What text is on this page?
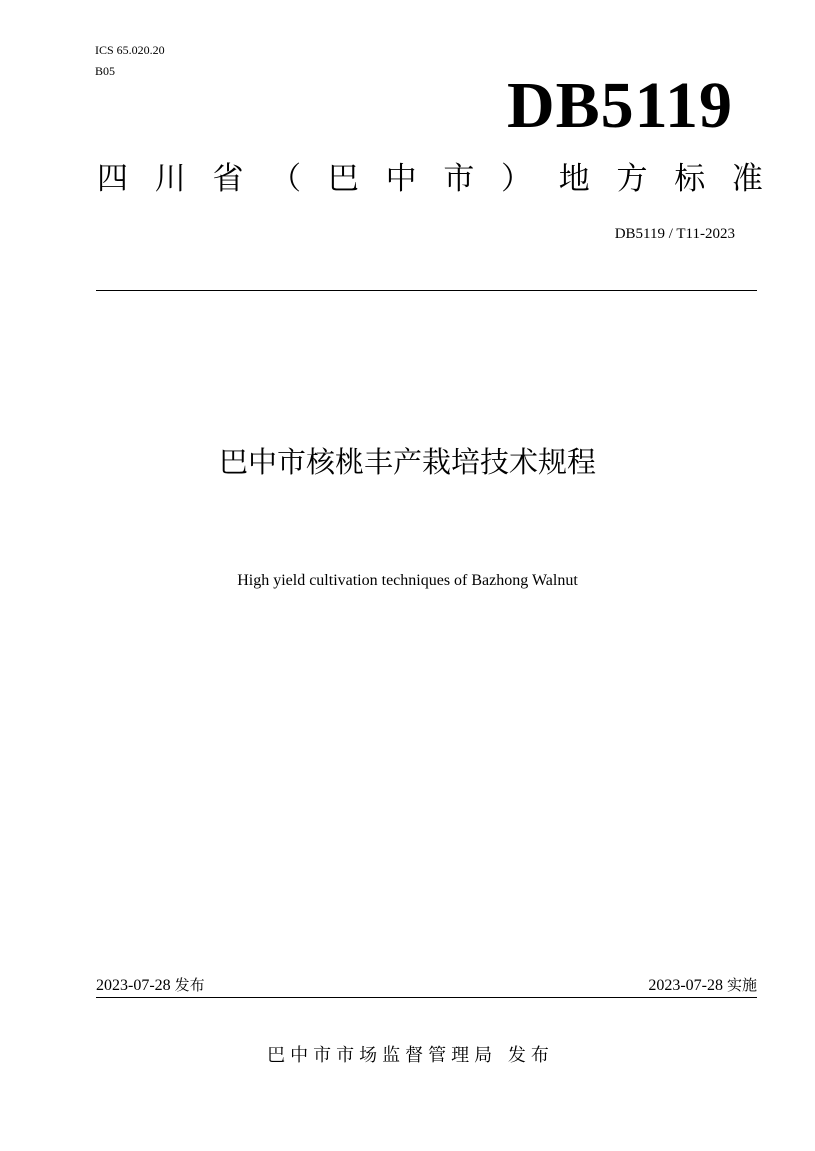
ICS 65.020.20
B05	DB5119
四 川 省 （ 巴 中 市 ） 地 方 标 准
DB5119 / T11-2023
巴中市核桃丰产栽培技术规程
High yield cultivation techniques of Bazhong Walnut
2023-07-28 发布	2023-07-28 实施
巴中市市场监督管理局 发布
